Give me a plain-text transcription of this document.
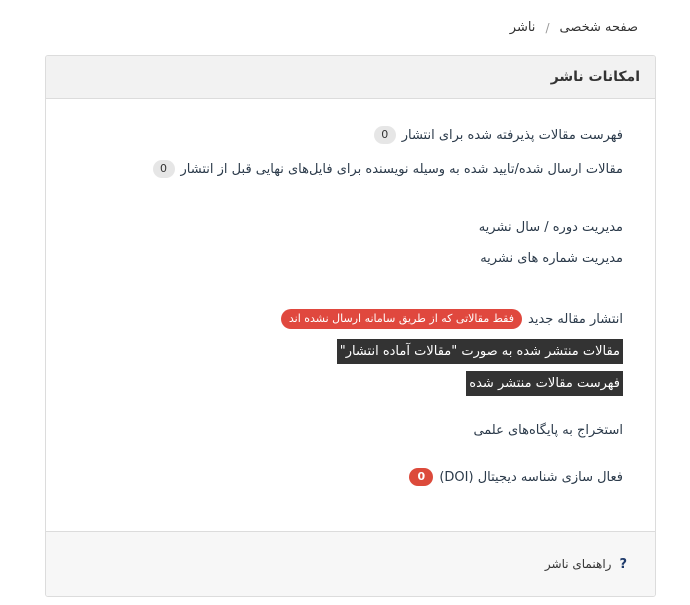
صفحه شخصی
/
ناشر
امکانات ناشر
فهرست مقالات پذیرفته شده برای انتشار
0
مقالات ارسال شده/تایید شده به وسیله نویسنده برای فایل‌های نهایی قبل از انتشار
0
مدیریت دوره / سال نشریه
مدیریت شماره های نشریه
انتشار مقاله جدید
فقط مقالاتی که از طریق سامانه ارسال نشده اند
مقالات منتشر شده به صورت "مقالات آماده انتشار"
فهرست مقالات منتشر شده
استخراج به پایگاه‌های علمی
فعال سازی شناسه دیجیتال (DOI)
0
?
راهنمای ناشر
